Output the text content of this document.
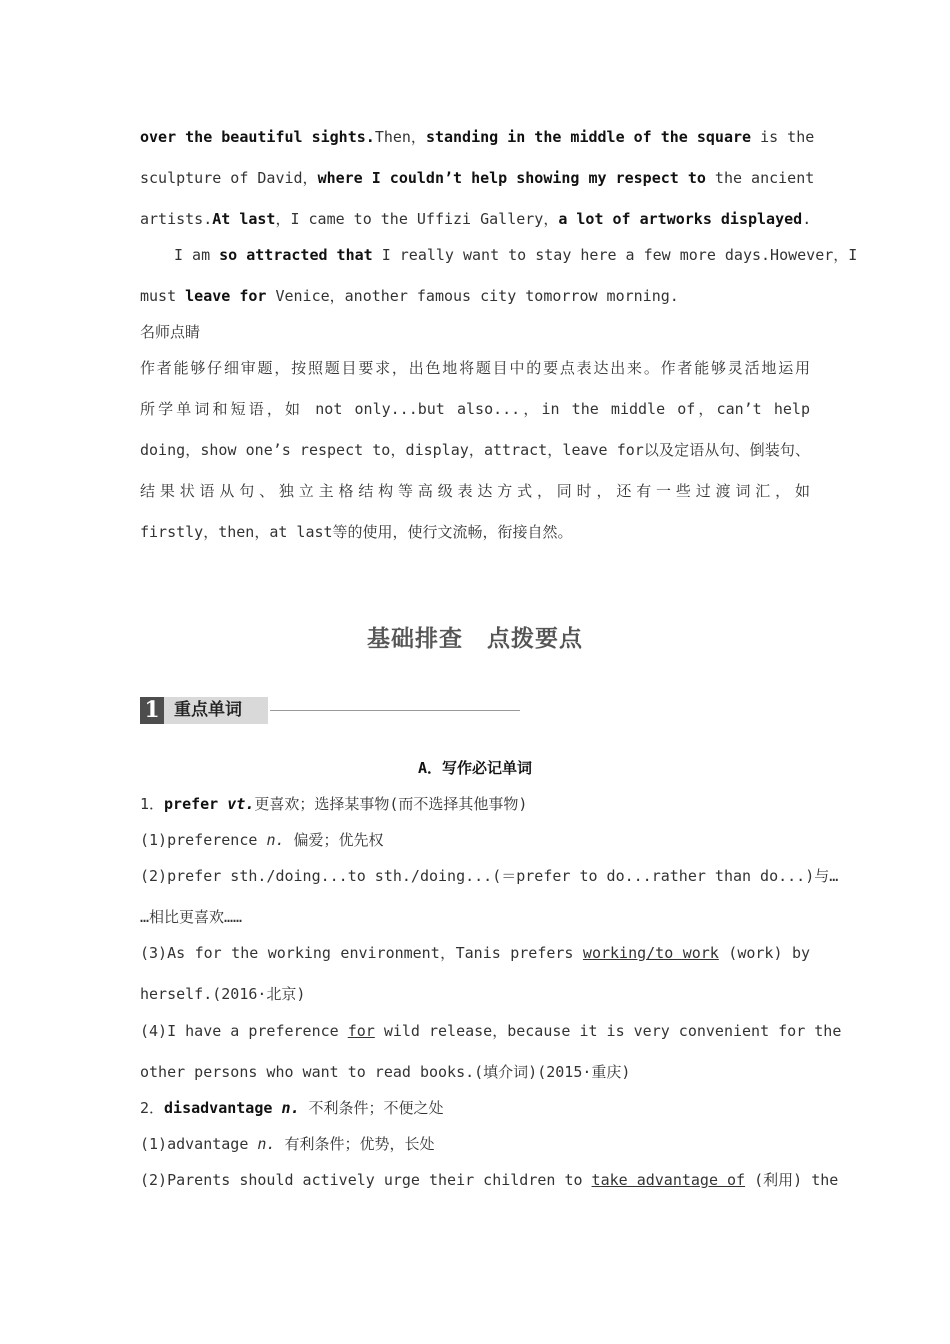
over the beautiful sights.Then，standing in the middle of the square is the
sculpture of David，where I couldn’t help showing my respect to the ancient
artists.At last，I came to the Uffizi Gallery，a lot of artworks displayed.
I am so attracted that I really want to stay here a few more days.However，I
must leave for Venice，another famous city tomorrow morning.
名师点睛
作者能够仔细审题，按照题目要求，出色地将题目中的要点表达出来。作者能够灵活地运用
所学单词和短语，如 not only...but also...，in the middle of，can’t help
doing，show one’s respect to，display，attract，leave for以及定语从句、倒装句、
结果状语从句、独立主格结构等高级表达方式，同时，还有一些过渡词汇，如
firstly，then，at last等的使用，使行文流畅，衔接自然。
基础排查　点拨要点
1 重点单词
A．写作必记单词
1．prefer vt.更喜欢；选择某事物(而不选择其他事物)
(1)preference n. 偏爱；优先权
(2)prefer sth./doing...to sth./doing...(＝prefer to do...rather than do...)与…
…相比更喜欢……
(3)As for the working environment，Tanis prefers working/to work (work) by
herself.(2016·北京)
(4)I have a preference for wild release，because it is very convenient for the
other persons who want to read books.(填介词)(2015·重庆)
2．disadvantage n. 不利条件；不便之处
(1)advantage n. 有利条件；优势，长处
(2)Parents should actively urge their children to take advantage of (利用) the
